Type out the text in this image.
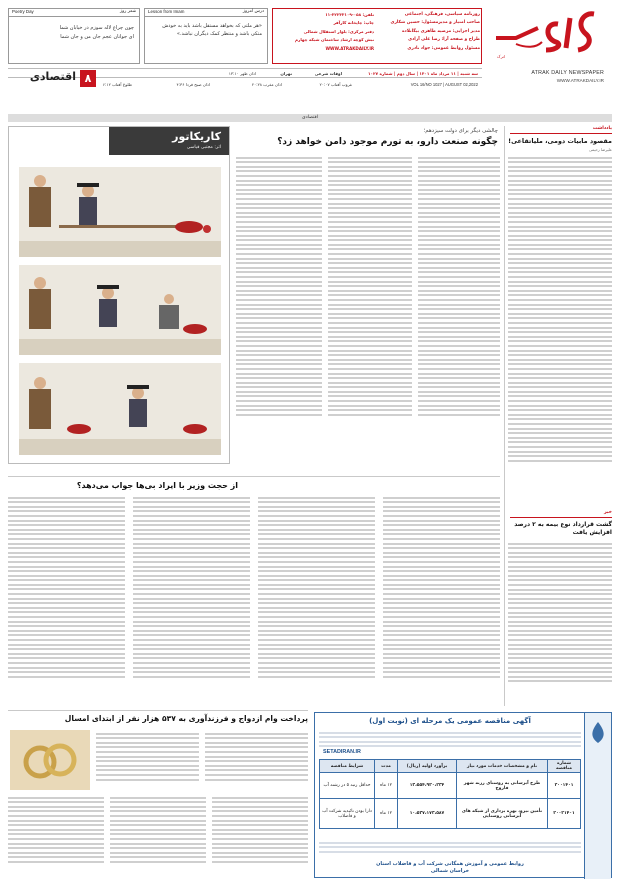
اترک
ATRAK DAILY NEWSPAPER
WWW.ATRAKDAILY.IR
روزنامه سیاسی، فرهنگی، اجتماعی
صاحب امتیاز و مدیرمسئول: حسین شکاری
مدیر اجرایی: مرضیه طاهری بیگانلاده
طراح و صفحه آرا: رضا علی آزادی
مسئول روابط عمومی: جواد نادری
تلفن: ۰۵۸-۳۲۲۴۳۱۰۹-۱۱
چاپ: چاپخانه کارآفر
دفتر مرکزی: بلوار استقلال شمالی
نبش کوچه ارشاد ساختمان شبکه چهارم
WWW.ATRAKDAILY.IR
درس امروز
Lesson from Imam
«هر ملتی که بخواهد مستقل باشد باید به خودش متکی باشد و منتظر کمک دیگران نباشد.»
شعر روز
Poetry Day
چون چراغ لاله سوزم در خیابان شما
ای جوانان عجم جان من و جان شما
سه شنبه | ۱۱ مرداد ماه ۱۴۰۱ | سال دوم | شماره ۱۰۲۷
اوقات شرعی
تهران
اذان ظهر ۱۳:۱۰
VOL 16/NO 1027 | AUGUST 02,2022
غروب آفتاب ۲۰:۰۷
اذان مغرب ۲۰:۲۸
اذان صبح فردا ۴:۳۶
طلوع آفتاب ۶:۱۲
اقتصادی ۸
اقتصادی
یادداشت
مقصود مابیات دومی، ملیاتقاعی!
علیرضا رحیمی
خبر
گشت قرارداد نوع بیمه به ۲ درصد افزایش یافت
چالشی دیگر برای دولت سیزدهم؛
چگونه صنعت دارو، به تورم موجود دامن خواهد زد؟
کاریکاتور
اثر: مجتبی قیاسی
از حجت وزیر با ایراد بی‌ها جواب می‌دهد؟
پرداخت وام ازدواج و فرزندآوری به ۵۳۷ هزار نفر از ابتدای امسال	آگهی مناقصه عمومی یک مرحله ای (نوبت اول)
SETADIRAN.IR
شماره مناقصه	نام و مشخصات خدمات مورد نیاز	برآورد اولیه (ریال)	مدت	شرایط مناقصه
۲۰۰۱۴۰۱	طرح آبرسانی به روستای رزنه شهر فاروج	۱۳،۵۵۴،۹۲۰،۲۳۴	۱۲ ماه	حداقل رتبه ۵ در رشته آب
۲۰۰۲۱۴۰۱	تأمین نیرو، بهره برداری از شبکه های آبرسانی روستایی	۱۰،۵۳۷،۱۷۳،۵۸۷	۱۲ ماه	دارا بودن تائیدیه شرکت آب و فاضلاب
روابط عمومی و آموزش همگانی شرکت آب و فاضلاب استان خراسان شمالی
